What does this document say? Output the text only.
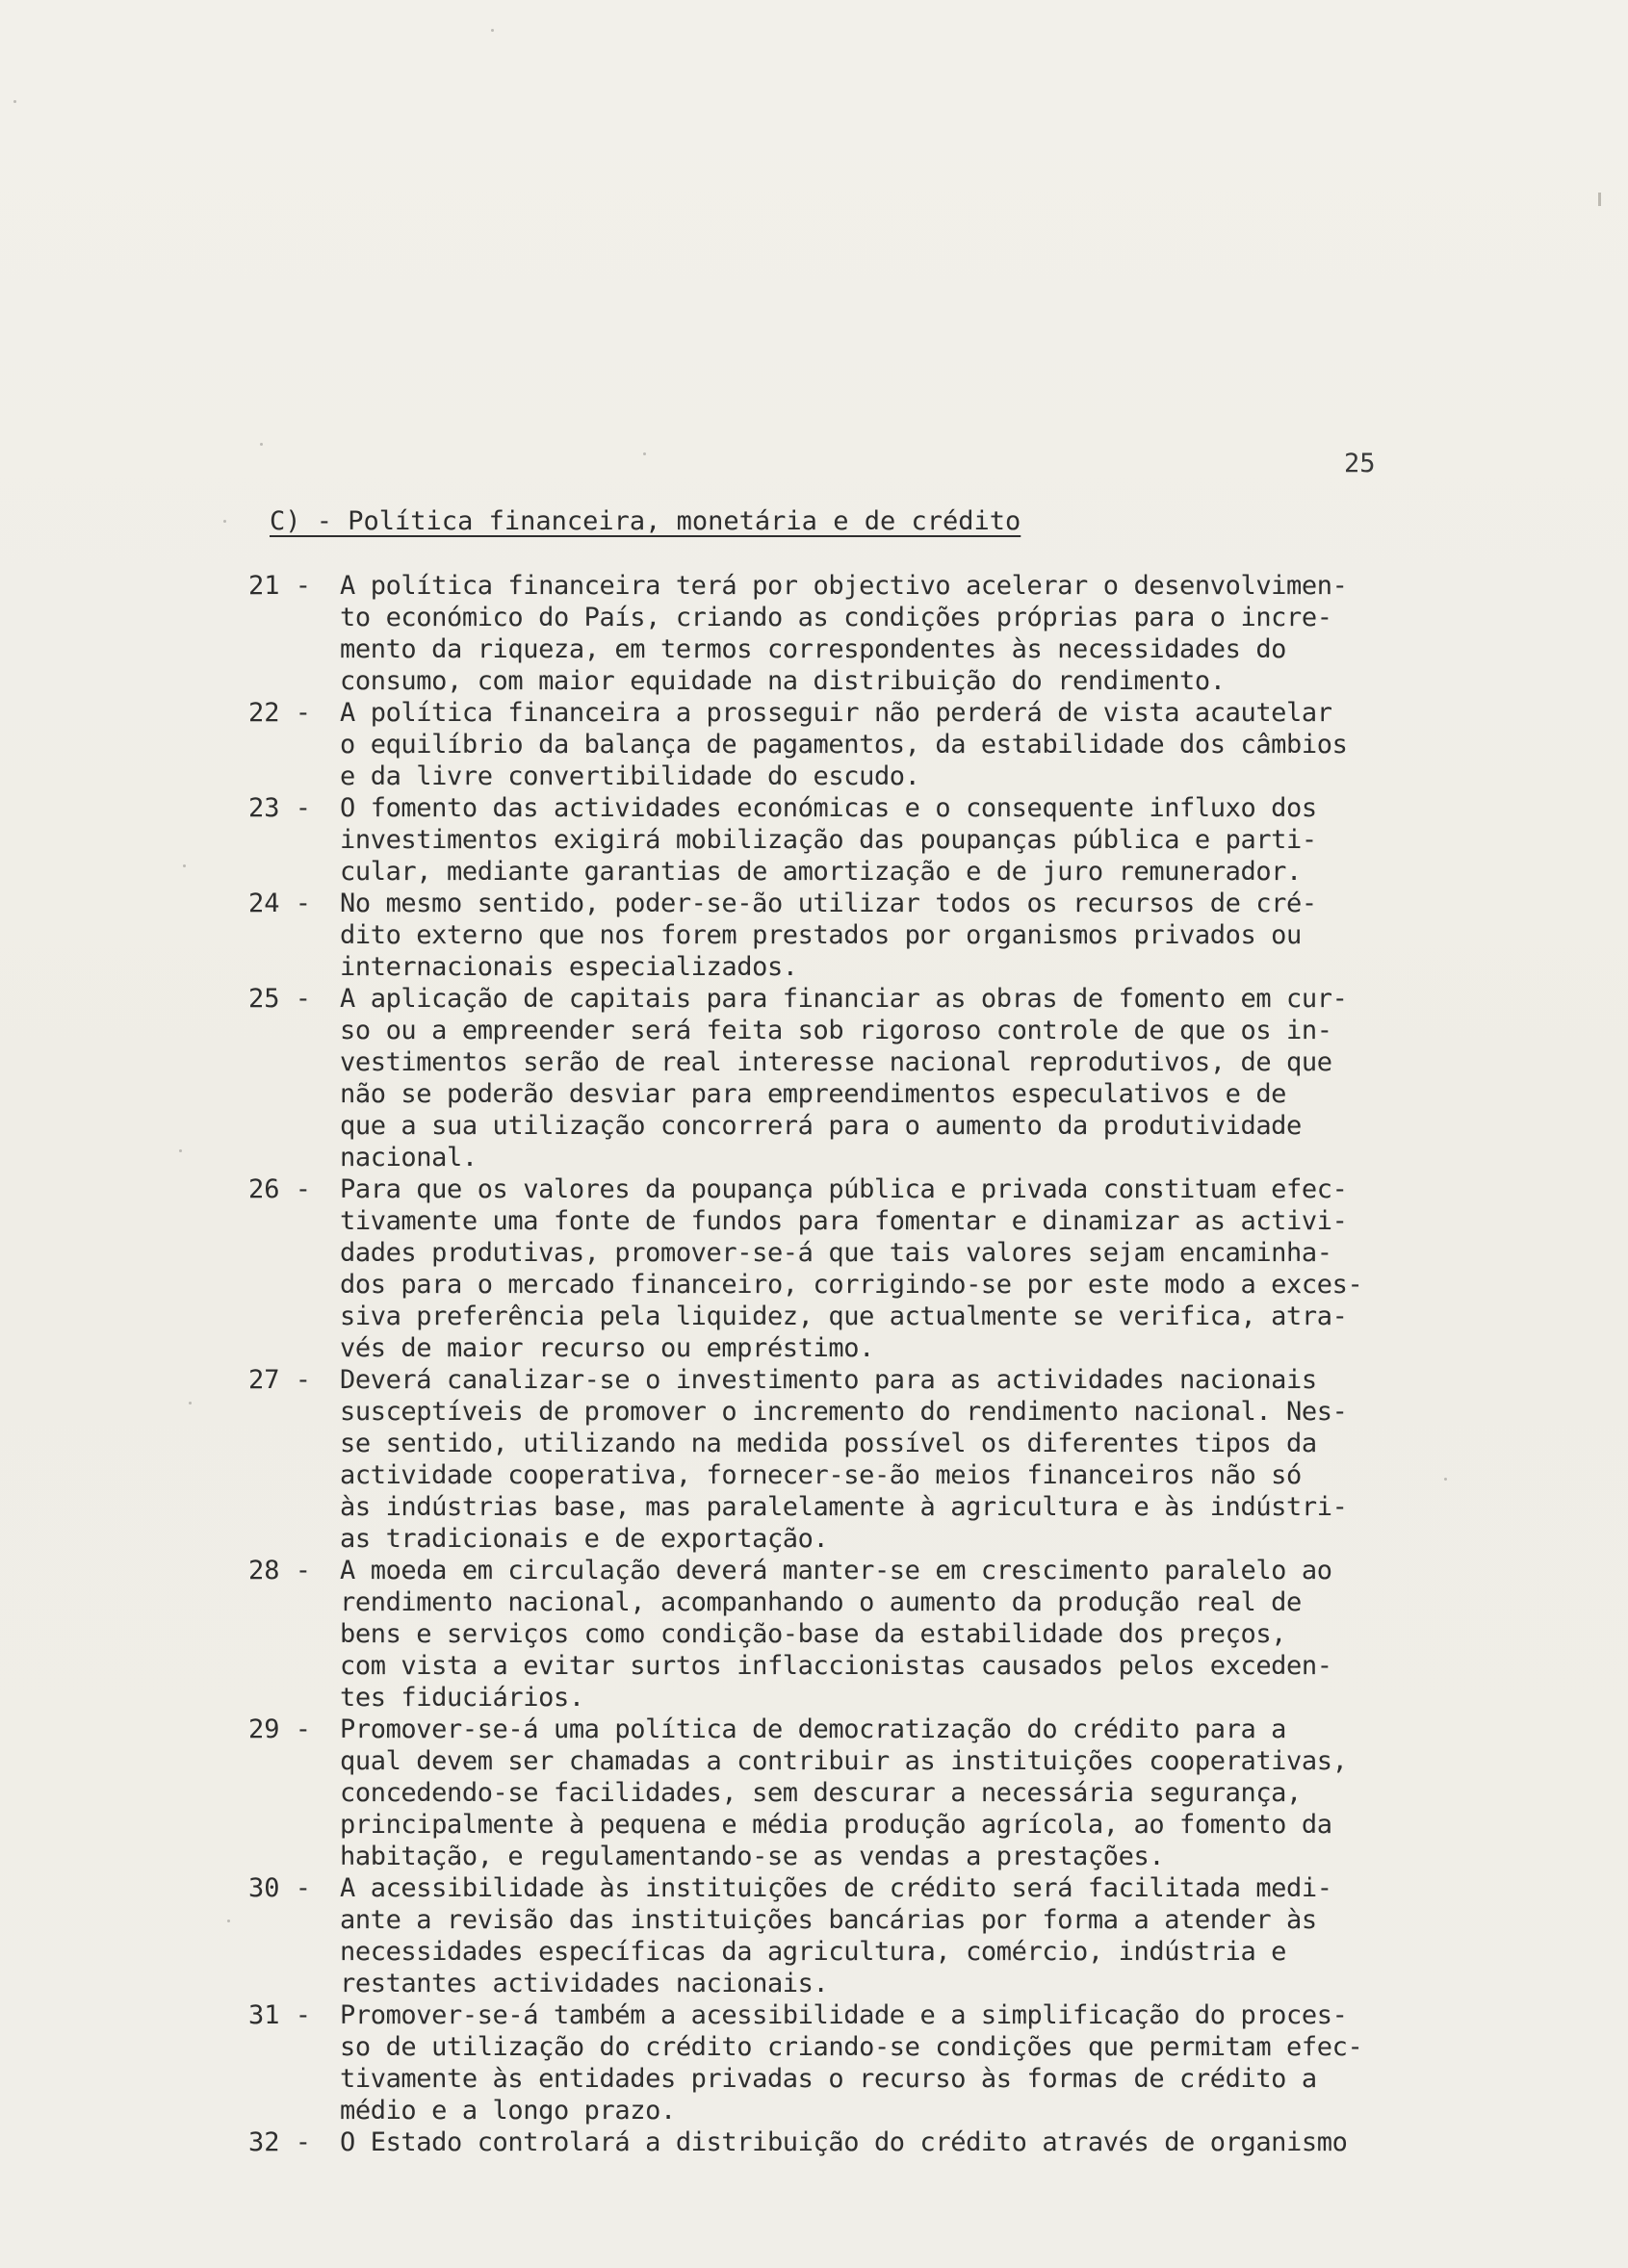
25
C) - Política financeira, monetária e de crédito
21 -	A política financeira terá por objectivo acelerar o desenvolvimen-
to económico do País, criando as condições próprias para o incre-
mento da riqueza, em termos correspondentes às necessidades do
consumo, com maior equidade na distribuição do rendimento.
22 -	A política financeira a prosseguir não perderá de vista acautelar
o equilíbrio da balança de pagamentos, da estabilidade dos câmbios
e da livre convertibilidade do escudo.
23 -	O fomento das actividades económicas e o consequente influxo dos
investimentos exigirá mobilização das poupanças pública e parti-
cular, mediante garantias de amortização e de juro remunerador.
24 -	No mesmo sentido, poder-se-ão utilizar todos os recursos de cré-
dito externo que nos forem prestados por organismos privados ou
internacionais especializados.
25 -	A aplicação de capitais para financiar as obras de fomento em cur-
so ou a empreender será feita sob rigoroso controle de que os in-
vestimentos serão de real interesse nacional reprodutivos, de que
não se poderão desviar para empreendimentos especulativos e de
que a sua utilização concorrerá para o aumento da produtividade
nacional.
26 -	Para que os valores da poupança pública e privada constituam efec-
tivamente uma fonte de fundos para fomentar e dinamizar as activi-
dades produtivas, promover-se-á que tais valores sejam encaminha-
dos para o mercado financeiro, corrigindo-se por este modo a exces-
siva preferência pela liquidez, que actualmente se verifica, atra-
vés de maior recurso ou empréstimo.
27 -	Deverá canalizar-se o investimento para as actividades nacionais
susceptíveis de promover o incremento do rendimento nacional. Nes-
se sentido, utilizando na medida possível os diferentes tipos da
actividade cooperativa, fornecer-se-ão meios financeiros não só
às indústrias base, mas paralelamente à agricultura e às indústri-
as tradicionais e de exportação.
28 -	A moeda em circulação deverá manter-se em crescimento paralelo ao
rendimento nacional, acompanhando o aumento da produção real de
bens e serviços como condição-base da estabilidade dos preços,
com vista a evitar surtos inflaccionistas causados pelos exceden-
tes fiduciários.
29 -	Promover-se-á uma política de democratização do crédito para a
qual devem ser chamadas a contribuir as instituições cooperativas,
concedendo-se facilidades, sem descurar a necessária segurança,
principalmente à pequena e média produção agrícola, ao fomento da
habitação, e regulamentando-se as vendas a prestações.
30 -	A acessibilidade às instituições de crédito será facilitada medi-
ante a revisão das instituições bancárias por forma a atender às
necessidades específicas da agricultura, comércio, indústria e
restantes actividades nacionais.
31 -	Promover-se-á também a acessibilidade e a simplificação do proces-
so de utilização do crédito criando-se condições que permitam efec-
tivamente às entidades privadas o recurso às formas de crédito a
médio e a longo prazo.
32 -	O Estado controlará a distribuição do crédito através de organismo
